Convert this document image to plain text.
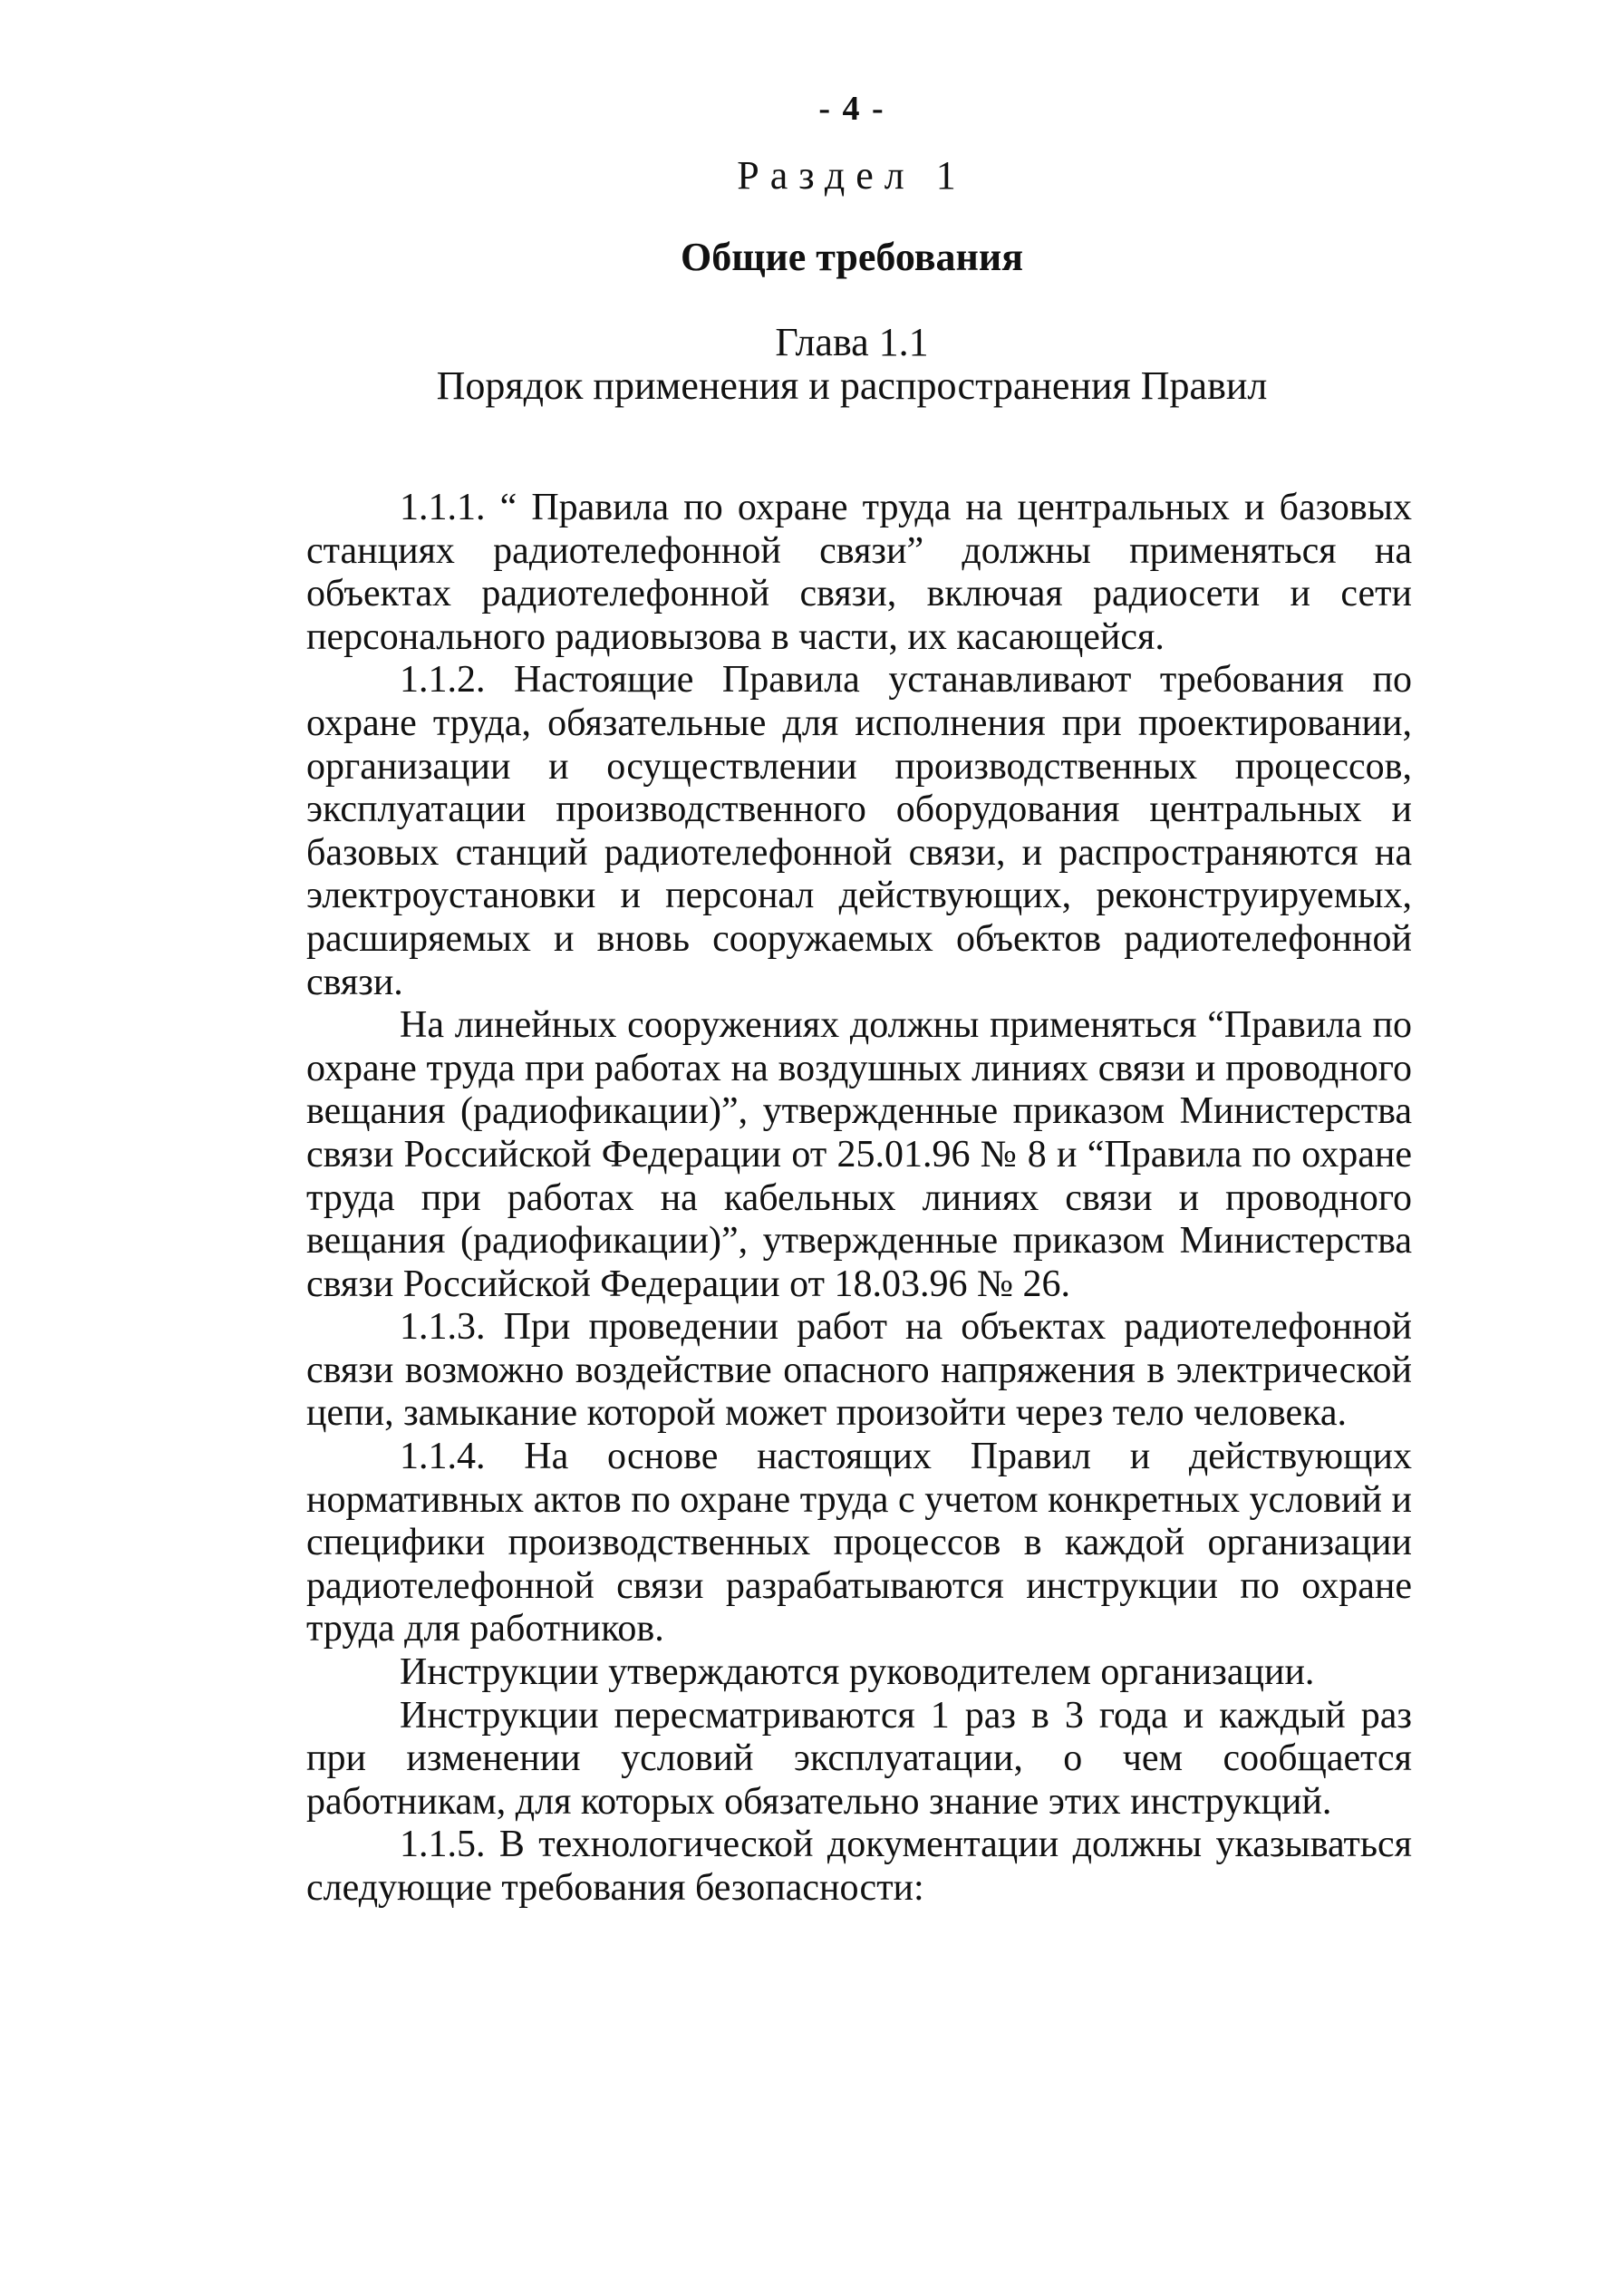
- 4 -
Раздел 1
Общие требования
Глава 1.1
Порядок применения и распространения Правил

1.1.1. “ Правила по охране труда на центральных и базовых станциях радиотелефонной связи” должны применяться на объектах радиотелефонной связи, включая радиосети и сети персонального радиовызова в части, их касающейся.

1.1.2. Настоящие Правила устанавливают требования по охране труда, обязательные для исполнения при проектировании, организации и осуществлении производственных процессов, эксплуатации производственного оборудования центральных и базовых станций радиотелефонной связи, и распространяются на электроустановки и персонал действующих, реконструируемых, расширяемых и вновь сооружаемых объектов радиотелефонной связи.

На линейных сооружениях должны применяться “Правила по охране труда при работах на воздушных линиях связи и проводного вещания (радиофикации)”, утвержденные приказом Министерства связи Российской Федерации от 25.01.96 № 8 и “Правила по охране труда при работах на кабельных линиях связи и проводного вещания (радиофикации)”, утвержденные приказом Министерства связи Российской Федерации от 18.03.96 № 26.

1.1.3. При проведении работ на объектах радиотелефонной связи возможно воздействие опасного напряжения в электрической цепи, замыкание которой может произойти через тело человека.

1.1.4. На основе настоящих Правил и действующих нормативных актов по охране труда с учетом конкретных условий и специфики производственных процессов в каждой организации радиотелефонной связи разрабатываются инструкции по охране труда для работников.

Инструкции утверждаются руководителем организации.

Инструкции пересматриваются 1 раз в 3 года и каждый раз при изменении условий эксплуатации, о чем сообщается работникам, для которых обязательно знание этих инструкций.

1.1.5. В технологической документации должны указываться следующие требования безопасности:
